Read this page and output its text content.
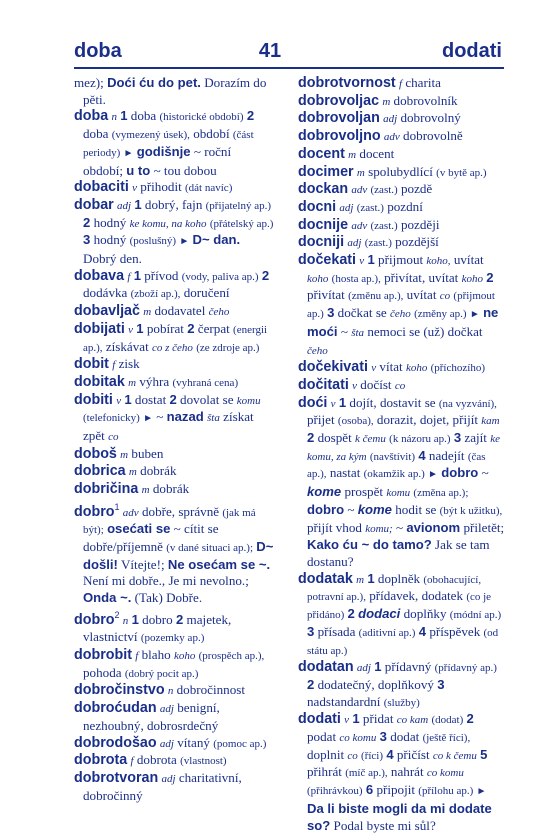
doba	41	dodati
mez); Doći ću do pet. Dorazím do pěti.
doba n 1 doba (historické období) 2 doba (vymezený úsek), období (část periody) ► godišnje ~ roční období; u to ~ tou dobou
dobaciti v přihodit (dát navíc)
dobar adj 1 dobrý, fajn (přijatelný ap.) 2 hodný ke komu, na koho (přátelský ap.) 3 hodný (poslušný) ► D~ dan. Dobrý den.
dobava f 1 přívod (vody, paliva ap.) 2 dodávka (zboží ap.), doručení
dobavljač m dodavatel čeho
dobijati v 1 pobírat 2 čerpat (energii ap.), získávat co z čeho (ze zdroje ap.)
dobit f zisk
dobitak m výhra (vyhraná cena)
dobiti v 1 dostat 2 dovolat se komu (telefonicky) ► ~ nazad šta získat zpět co
doboš m buben
dobrica m dobrák
dobričina m dobrák
dobro$^1$ adv dobře, správně (jak má být); osećati se ~ cítit se dobře/příjemně (v dané situaci ap.); D~ došli! Vítejte!; Ne osećam se ~. Není mi dobře., Je mi nevolno.; Onda ~. (Tak) Dobře.
dobro$^2$ n 1 dobro 2 majetek, vlastnictví (pozemky ap.)
dobrobit f blaho koho (prospěch ap.), pohoda (dobrý pocit ap.)
dobročinstvo n dobročinnost
dobroćudan adj benigní, nezhoubný, dobrosrdečný
dobrodošao adj vítaný (pomoc ap.)
dobrota f dobrota (vlastnost)
dobrotvoran adj charitativní, dobročinný
dobrotvornost f charita
dobrovoljac m dobrovolník
dobrovoljan adj dobrovolný
dobrovoljno adv dobrovolně
docent m docent
docimer m spolubydlící (v bytě ap.)
dockan adv (zast.) pozdě
docni adj (zast.) pozdní
docnije adv (zast.) později
docniji adj (zast.) pozdější
dočekati v 1 přijmout koho, uvítat koho (hosta ap.), přivítat, uvítat koho 2 přivítat (změnu ap.), uvítat co (přijmout ap.) 3 dočkat se čeho (změny ap.) ► ne moći ~ šta nemoci se (už) dočkat čeho
dočekivati v vítat koho (příchozího)
dočitati v dočíst co
doći v 1 dojít, dostavit se (na vyzvání), přijet (osoba), dorazit, dojet, přijít kam 2 dospět k čemu (k názoru ap.) 3 zajít ke komu, za kým (navštívit) 4 nadejít (čas ap.), nastat (okamžik ap.) ► dobro ~ kome prospět komu (změna ap.); dobro ~ kome hodit se (být k užitku), přijít vhod komu; ~ avionom přiletět; Kako ću ~ do tamo? Jak se tam dostanu?
dodatak m 1 doplněk (obohacující, potravní ap.), přídavek, dodatek (co je přidáno) 2 dodaci doplňky (módní ap.) 3 přísada (aditivní ap.) 4 příspěvek (od státu ap.)
dodatan adj 1 přídavný (přídavný ap.) 2 dodatečný, doplňkový 3 nadstandardní (služby)
dodati v 1 přidat co kam (dodat) 2 podat co komu 3 dodat (ještě říci), doplnit co (říci) 4 přičíst co k čemu 5 přihrát (míč ap.), nahrát co komu (přihrávkou) 6 připojit (přílohu ap.) ► Da li biste mogli da mi dodate so? Podal byste mi sůl?
